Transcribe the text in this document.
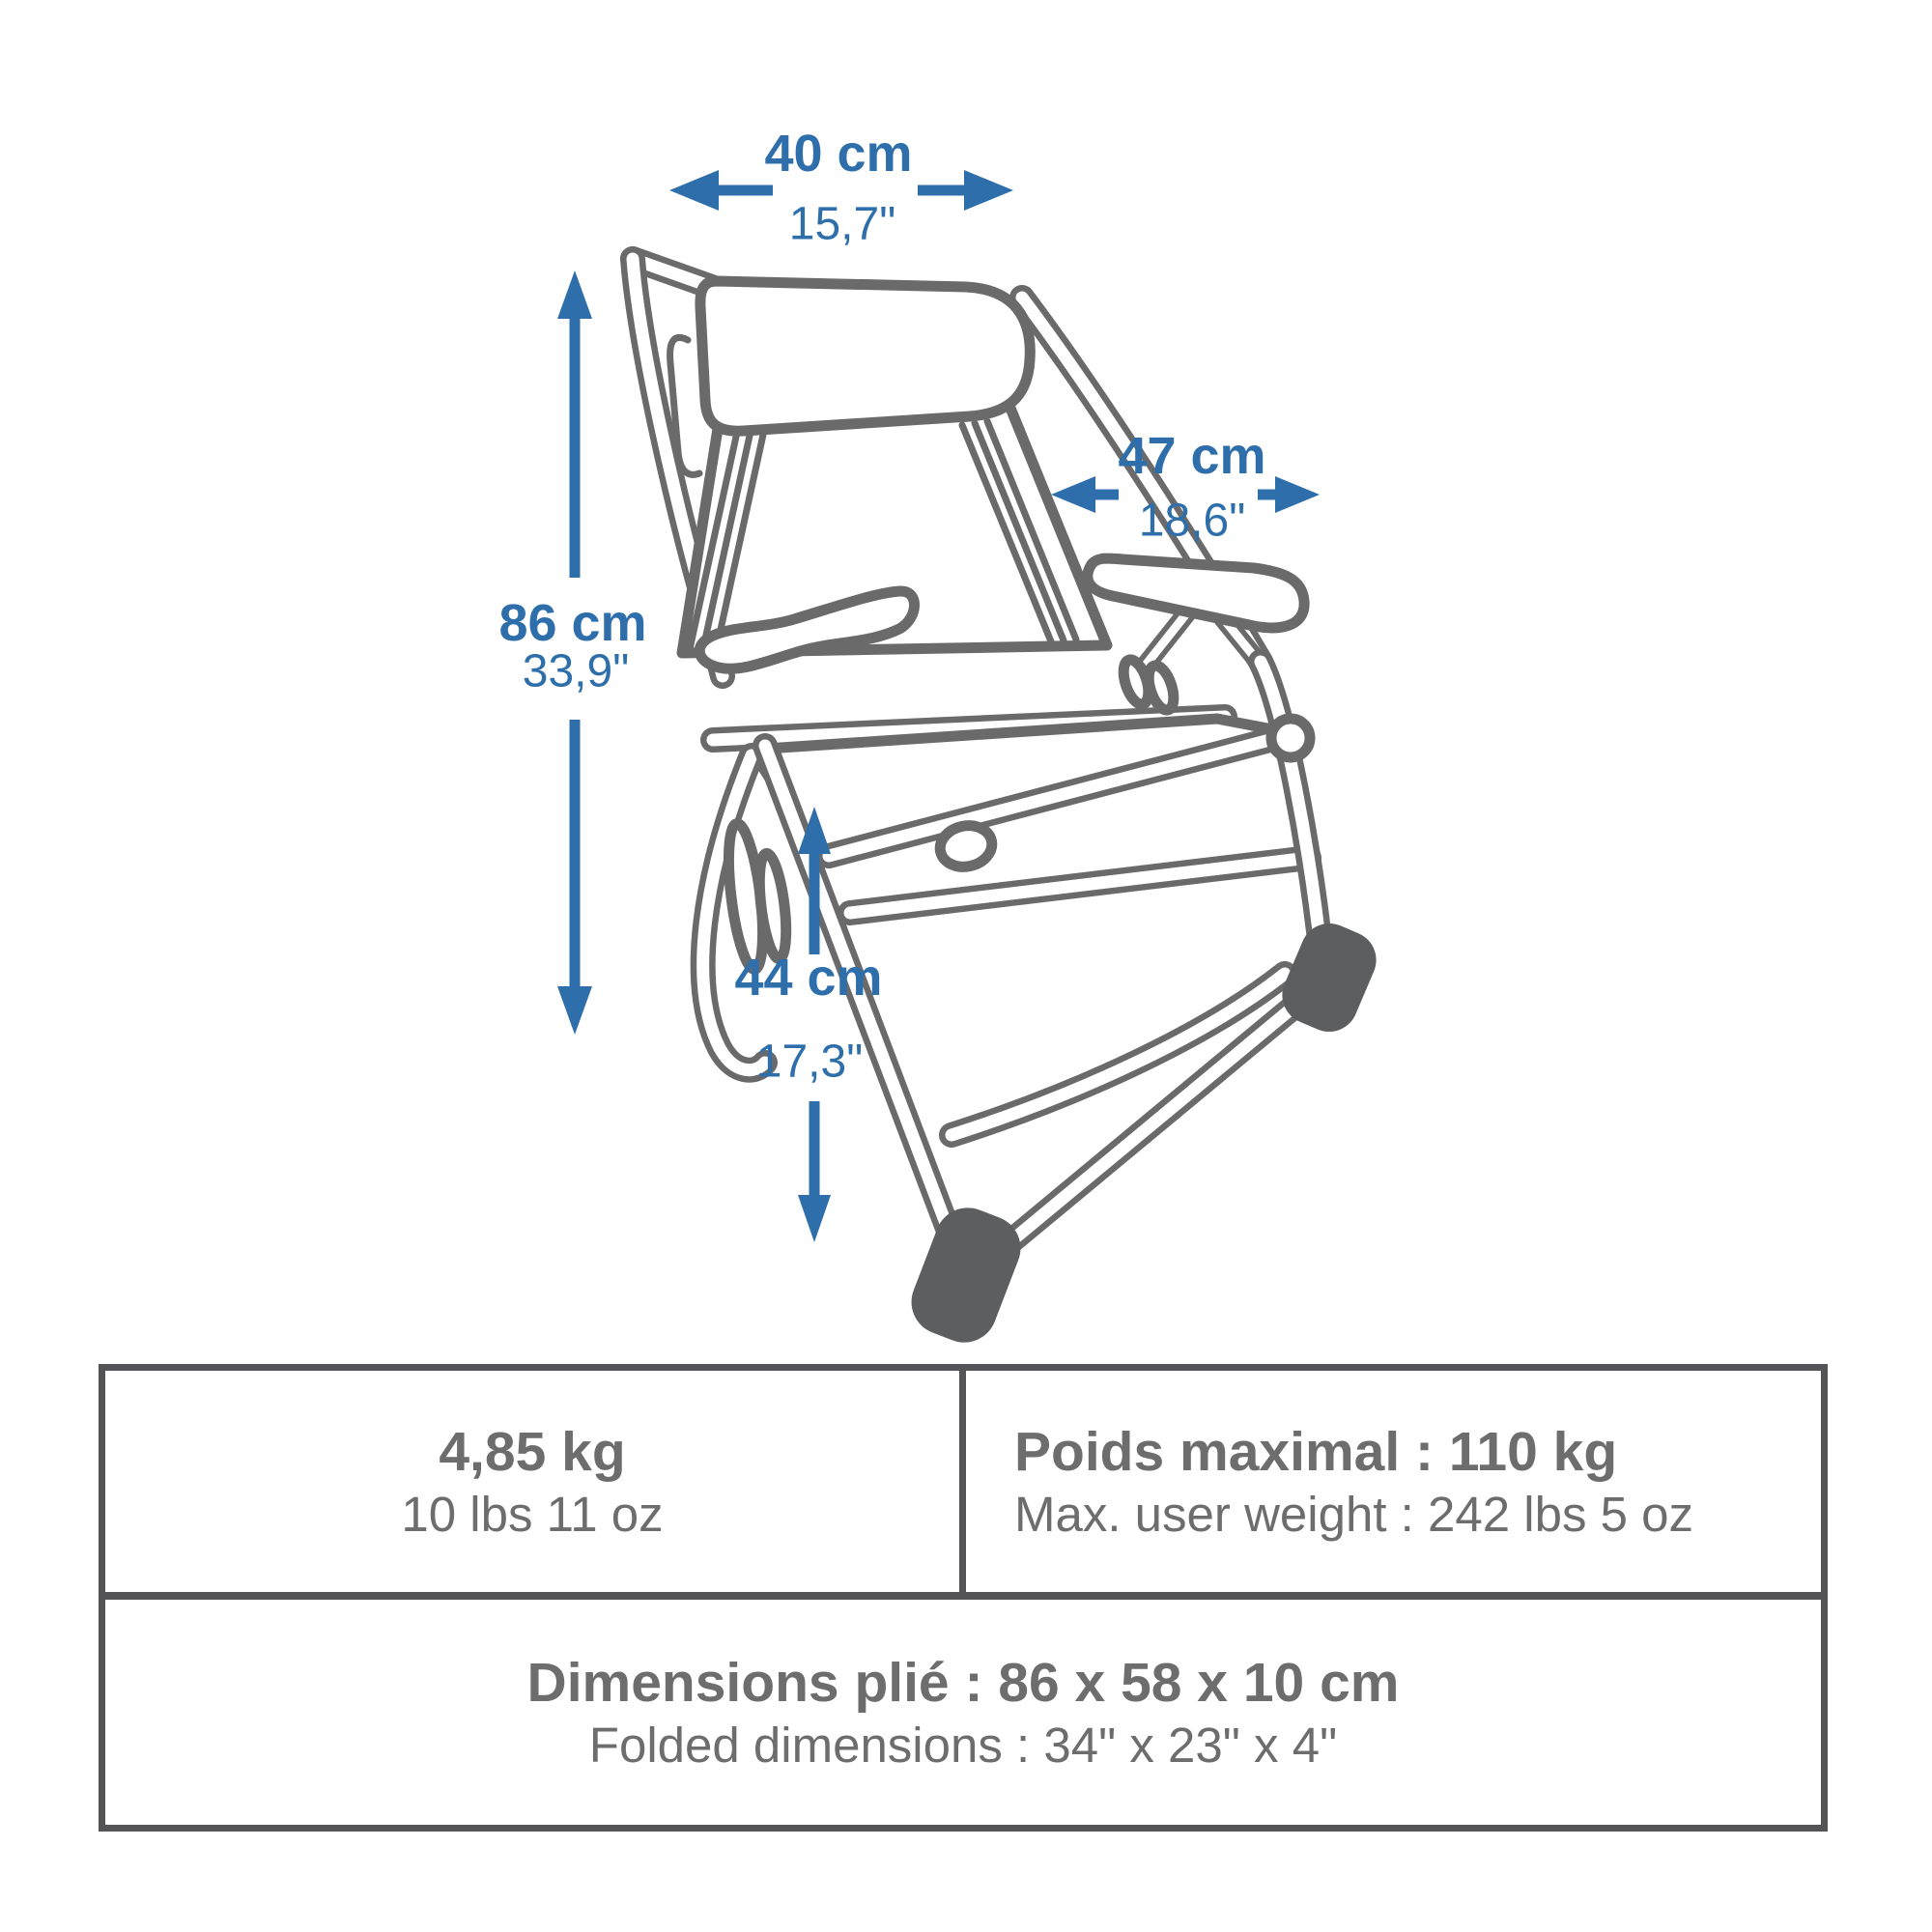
40 cm
15,7"
47 cm
18,6"
86 cm
33,9"
44 cm
17,3"
4,85 kg
10 lbs 11 oz
Poids maximal : 110 kg
Max. user weight : 242 lbs 5 oz
Dimensions plié : 86 x 58 x 10 cm
Folded dimensions : 34" x 23" x 4"
